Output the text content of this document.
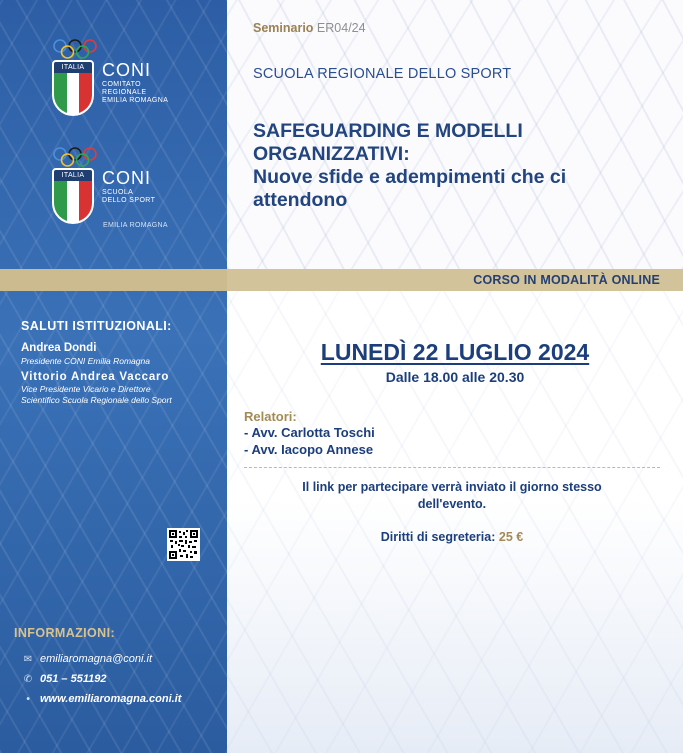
ITALIA CONI
COMITATO
REGIONALE
EMILIA ROMAGNA
ITALIA CONI
SCUOLA
DELLO SPORT
EMILIA ROMAGNA
SALUTI ISTITUZIONALI:
Andrea Dondi
Presidente CONI Emilia Romagna
Vittorio Andrea Vaccaro
Vice Presidente Vicario e Direttore
Scientifico Scuola Regionale dello Sport
INFORMAZIONI:
✉ emiliaromagna@coni.it
✆ 051 – 551192
• www.emiliaromagna.coni.it
Seminario ER04/24
SCUOLA REGIONALE DELLO SPORT
SAFEGUARDING E MODELLI
ORGANIZZATIVI:
Nuove sfide e adempimenti che ci
attendono
CORSO IN MODALITÀ ONLINE
LUNEDÌ 22 LUGLIO 2024
Dalle 18.00 alle 20.30
Relatori:
- Avv. Carlotta Toschi
- Avv. Iacopo Annese
Il link per partecipare verrà inviato il giorno stesso
dell'evento.
Diritti di segreteria: 25 €
